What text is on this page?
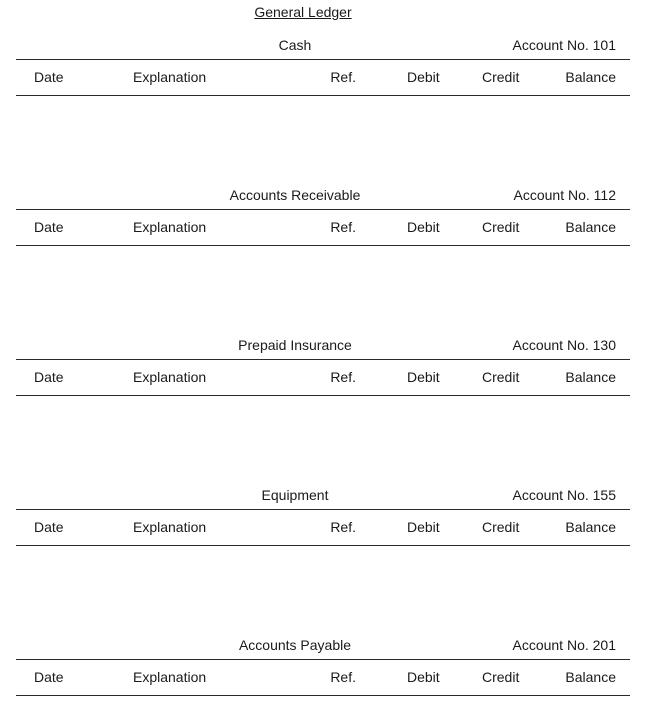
General Ledger
Cash	Account No. 101
Date	Explanation	Ref.	Debit	Credit	Balance
Accounts Receivable	Account No. 112
Date	Explanation	Ref.	Debit	Credit	Balance
Prepaid Insurance	Account No. 130
Date	Explanation	Ref.	Debit	Credit	Balance
Equipment	Account No. 155
Date	Explanation	Ref.	Debit	Credit	Balance
Accounts Payable	Account No. 201
Date	Explanation	Ref.	Debit	Credit	Balance
